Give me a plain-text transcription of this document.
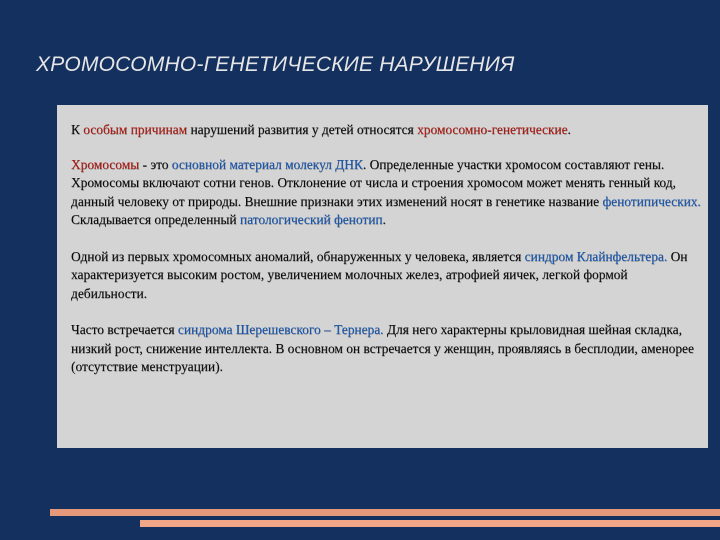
ХРОМОСОМНО-ГЕНЕТИЧЕСКИЕ НАРУШЕНИЯ

К особым причинам нарушений развития у детей относятся хромосомно-генетические.

Хромосомы - это основной материал молекул ДНК. Определенные участки хромосом составляют гены. Хромосомы включают сотни генов. Отклонение от числа и строения хромосом может менять генный код, данный человеку от природы. Внешние признаки этих изменений носят в генетике название фенотипических. Складывается определенный патологический фенотип.

Одной из первых хромосомных аномалий, обнаруженных у человека, является синдром Клайнфельтера. Он характеризуется высоким ростом, увеличением молочных желез, атрофией яичек, легкой формой дебильности.

Часто встречается синдрома Шерешевского – Тернера. Для него характерны крыловидная шейная складка, низкий рост, снижение интеллекта. В основном он встречается у женщин, проявляясь в бесплодии, аменорее (отсутствие менструации).
